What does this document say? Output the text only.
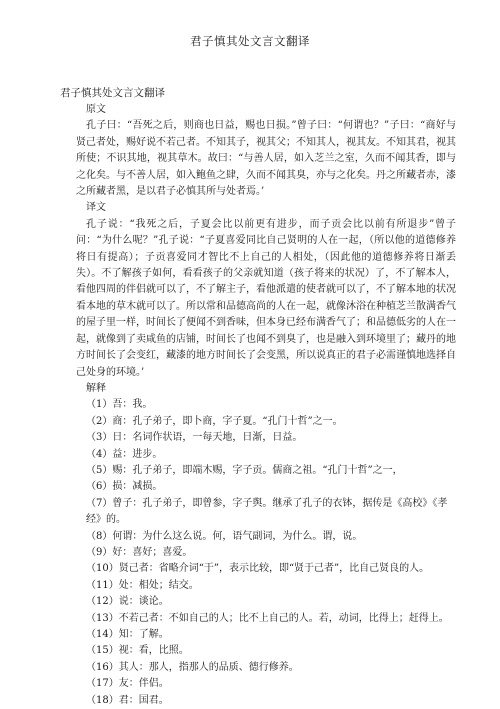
君子慎其处文言文翻译
君子慎其处文言文翻译
原文
孔子曰：“吾死之后，则商也日益，赐也日损。”曾子曰：“何谓也？”子曰：“商好与贤己者处，赐好说不若己者。不知其子，视其父；不知其人，视其友。不知其君，视其所使；不识其地，视其草木。故曰：“与善人居，如入芝兰之室，久而不闻其香，即与之化矣。与不善人居，如入鲍鱼之肆，久而不闻其臭，亦与之化矣。丹之所藏者赤，漆之所藏者黑，是以君子必慎其所与处者焉。’
译文
孔子说：“我死之后，子夏会比以前更有进步，而子贡会比以前有所退步”曾子问：“为什么呢？”孔子说：“子夏喜爱同比自己贤明的人在一起，（所以他的道德修养将日有提高）；子贡喜爱同才智比不上自己的人相处，（因此他的道德修养将日渐丢失）。不了解孩子如何，看看孩子的父亲就知道（孩子将来的状况）了，不了解本人，看他四周的伴侣就可以了，不了解主子，看他派遣的使者就可以了，不了解本地的状况看本地的草木就可以了。所以常和品德高尚的人在一起，就像沐浴在种植芝兰散满香气的屋子里一样，时间长了便闻不到香味，但本身已经布满香气了；和品德低劣的人在一起，就像到了卖咸鱼的店铺，时间长了也闻不到臭了，也是融入到环境里了；藏丹的地方时间长了会变红，藏漆的地方时间长了会变黑，所以说真正的君子必需谨慎地选择自己处身的环境。’
解释
（1）吾：我。
（2）商：孔子弟子，即卜商，字子夏。“孔门十哲”之一。
（3）日：名词作状语，一每天地，日渐，日益。
（4）益：进步。
（5）赐：孔子弟子，即端木赐，字子贡。儒商之祖。“孔门十哲”之一，
（6）损：减损。
（7）曾子：孔子弟子，即曾参，字子舆。继承了孔子的衣钵，据传是《高校》《孝经》的。
（8）何谓：为什么这么说。何，语气副词，为什么。谓，说。
（9）好：喜好；喜爱。
（10）贤己者：省略介词“于”，表示比较，即“贤于己者”，比自己贤良的人。
（11）处：相处；结交。
（12）说：谈论。
（13）不若己者：不如自己的人；比不上自己的人。若，动词，比得上；赶得上。
（14）知：了解。
（15）视：看，比照。
（16）其人：那人，指那人的品质、德行修养。
（17）友：伴侣。
（18）君：国君。
